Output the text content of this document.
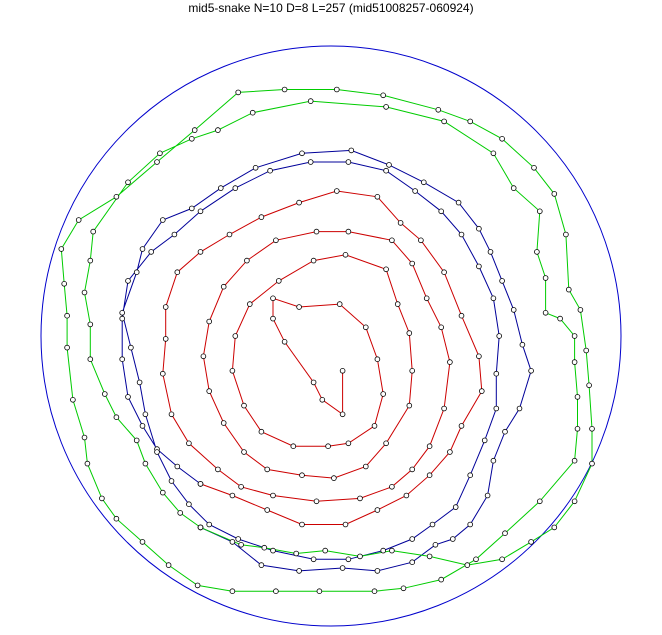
mid5-snake N=10 D=8 L=257 (mid51008257-060924)
